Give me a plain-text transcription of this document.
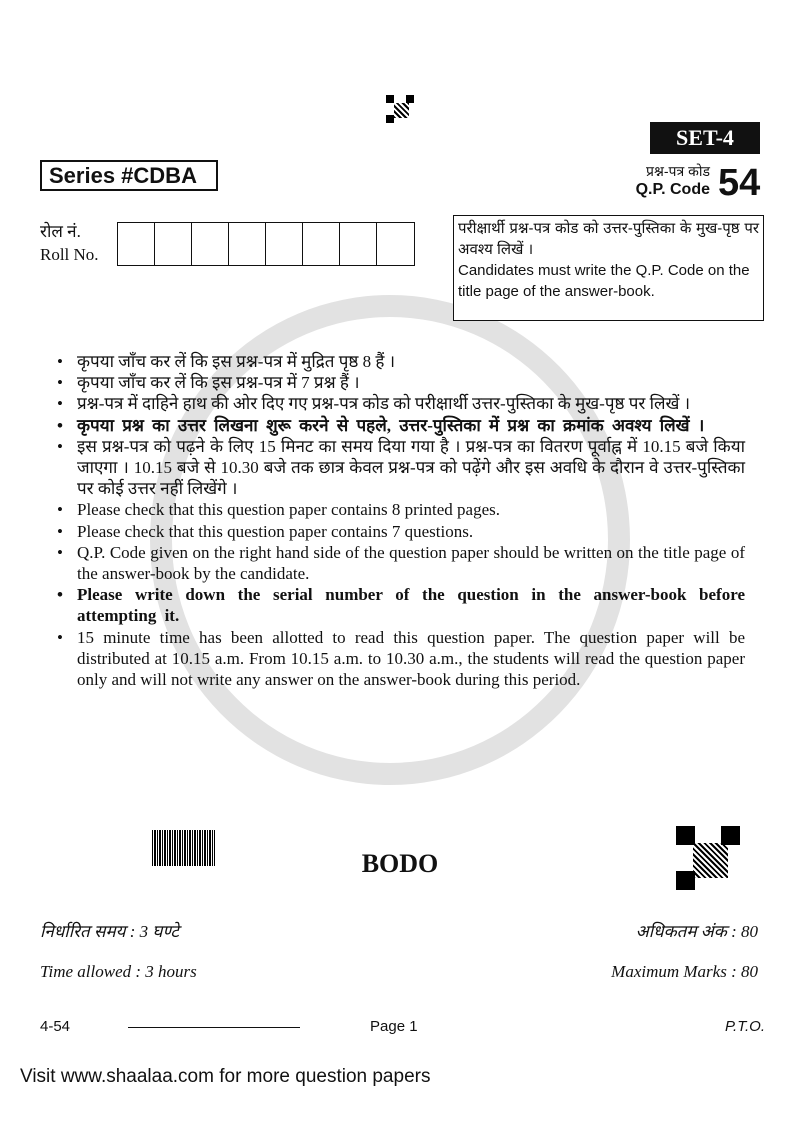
SET-4
Series #CDBA	प्रश्न-पत्र कोड
Q.P. Code 54
रोल नं.
Roll No.
परीक्षार्थी प्रश्न-पत्र कोड को उत्तर-पुस्तिका के मुख-पृष्ठ पर अवश्य लिखें ।
Candidates must write the Q.P. Code on the title page of the answer-book.
• कृपया जाँच कर लें कि इस प्रश्न-पत्र में मुद्रित पृष्ठ 8 हैं ।
• कृपया जाँच कर लें कि इस प्रश्न-पत्र में 7 प्रश्न हैं ।
• प्रश्न-पत्र में दाहिने हाथ की ओर दिए गए प्रश्न-पत्र कोड को परीक्षार्थी उत्तर-पुस्तिका के मुख-पृष्ठ पर लिखें ।
• कृपया प्रश्न का उत्तर लिखना शुरू करने से पहले, उत्तर-पुस्तिका में प्रश्न का क्रमांक अवश्य लिखें ।
• इस प्रश्न-पत्र को पढ़ने के लिए 15 मिनट का समय दिया गया है । प्रश्न-पत्र का वितरण पूर्वाह्न में 10.15 बजे किया जाएगा । 10.15 बजे से 10.30 बजे तक छात्र केवल प्रश्न-पत्र को पढ़ेंगे और इस अवधि के दौरान वे उत्तर-पुस्तिका पर कोई उत्तर नहीं लिखेंगे ।
• Please check that this question paper contains 8 printed pages.
• Please check that this question paper contains 7 questions.
• Q.P. Code given on the right hand side of the question paper should be written on the title page of the answer-book by the candidate.
• Please write down the serial number of the question in the answer-book before attempting it.
• 15 minute time has been allotted to read this question paper. The question paper will be distributed at 10.15 a.m. From 10.15 a.m. to 10.30 a.m., the students will read the question paper only and will not write any answer on the answer-book during this period.
BODO
निर्धारित समय : 3 घण्टे	अधिकतम अंक : 80
Time allowed : 3 hours	Maximum Marks : 80
4-54	Page 1	P.T.O.
Visit www.shaalaa.com for more question papers
